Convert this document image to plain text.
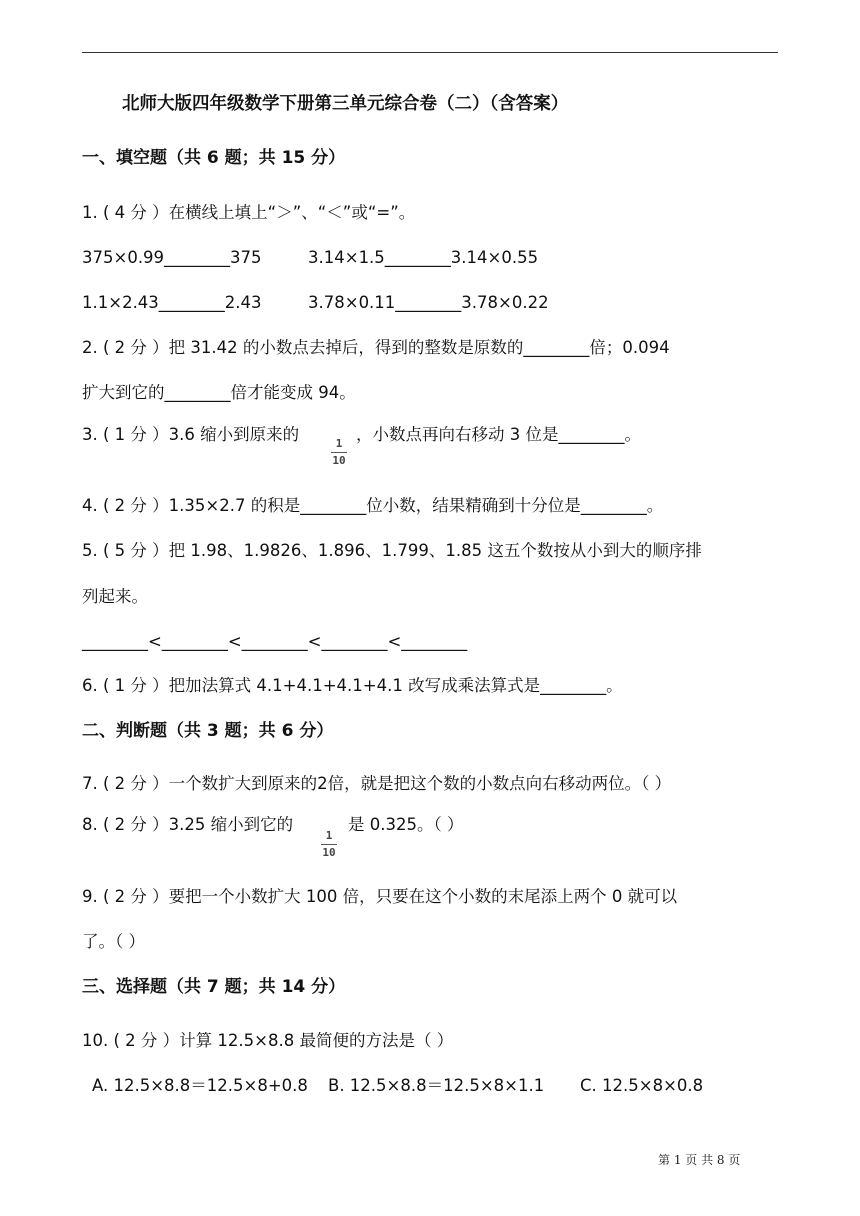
北师大版四年级数学下册第三单元综合卷（二）（含答案）
一、填空题（共 6 题；共 15 分）
1. ( 4 分 ）在横线上填上“＞”、“＜”或“=”。
375×0.99________375	3.14×1.5________3.14×0.55
1.1×2.43________2.43	3.78×0.11________3.78×0.22
2. ( 2 分 ）把 31.42 的小数点去掉后，得到的整数是原数的________倍；0.094
扩大到它的________倍才能变成 94。
3. ( 1 分 ）3.6 缩小到原来的	1
10
，小数点再向右移动 3 位是________。
4. ( 2 分 ）1.35×2.7 的积是________位小数，结果精确到十分位是________。
5. ( 5 分 ）把 1.98、1.9826、1.896、1.799、1.85 这五个数按从小到大的顺序排
列起来。
________<________<________<________<________
6. ( 1 分 ）把加法算式 4.1+4.1+4.1+4.1 改写成乘法算式是________。
二、判断题（共 3 题；共 6 分）
7. ( 2 分 ）一个数扩大到原来的2倍，就是把这个数的小数点向右移动两位。（ ）
8. ( 2 分 ）3.25 缩小到它的
1
10
是 0.325。（ ）
9. ( 2 分 ）要把一个小数扩大 100 倍，只要在这个小数的末尾添上两个 0 就可以
了。（ ）
三、选择题（共 7 题；共 14 分）
10. ( 2 分 ）计算 12.5×8.8 最简便的方法是（ ）
A. 12.5×8.8＝12.5×8+0.8 B. 12.5×8.8＝12.5×8×1.1 C. 12.5×8×0.8
第 1 页 共 8 页
